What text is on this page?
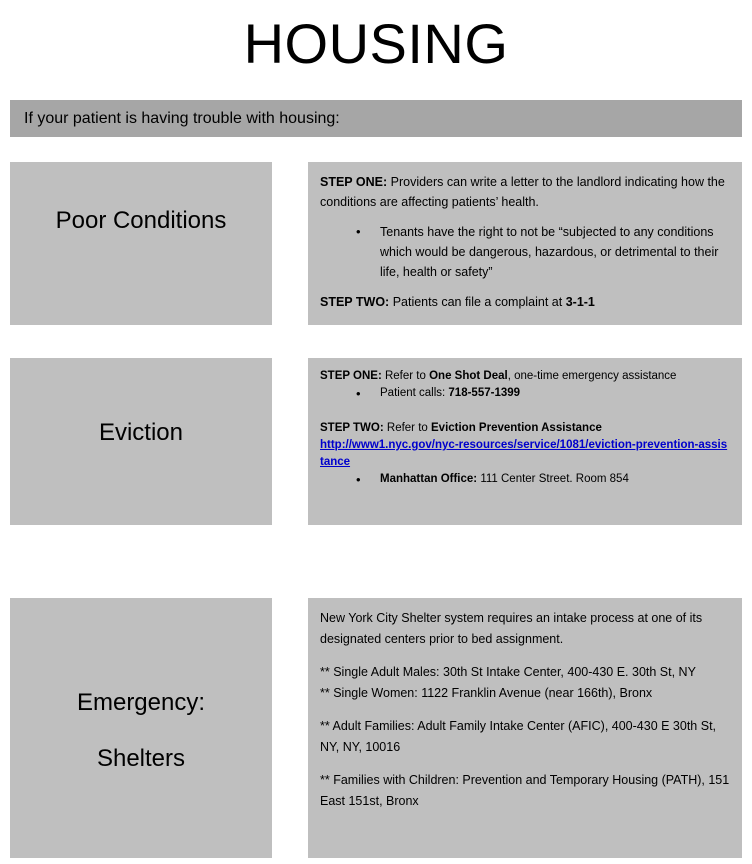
HOUSING
If your patient is having trouble with housing:
Poor Conditions

STEP ONE: Providers can write a letter to the landlord indicating how the conditions are affecting patients’ health.

• Tenants have the right to not be “subjected to any conditions which would be dangerous, hazardous, or detrimental to their life, health or safety”

STEP TWO: Patients can file a complaint at 3-1-1

Eviction

STEP ONE: Refer to One Shot Deal, one-time emergency assistance

• Patient calls: 718-557-1399

STEP TWO: Refer to Eviction Prevention Assistance

http://www1.nyc.gov/nyc-resources/service/1081/eviction-prevention-assistance

• Manhattan Office: 111 Center Street. Room 854
Emergency:
Shelters

New York City Shelter system requires an intake process at one of its designated centers prior to bed assignment.

** Single Adult Males: 30th St Intake Center, 400-430 E. 30th St, NY

** Single Women: 1122 Franklin Avenue (near 166th), Bronx

** Adult Families: Adult Family Intake Center (AFIC), 400-430 E 30th St, NY, NY, 10016

** Families with Children: Prevention and Temporary Housing (PATH), 151 East 151st, Bronx
